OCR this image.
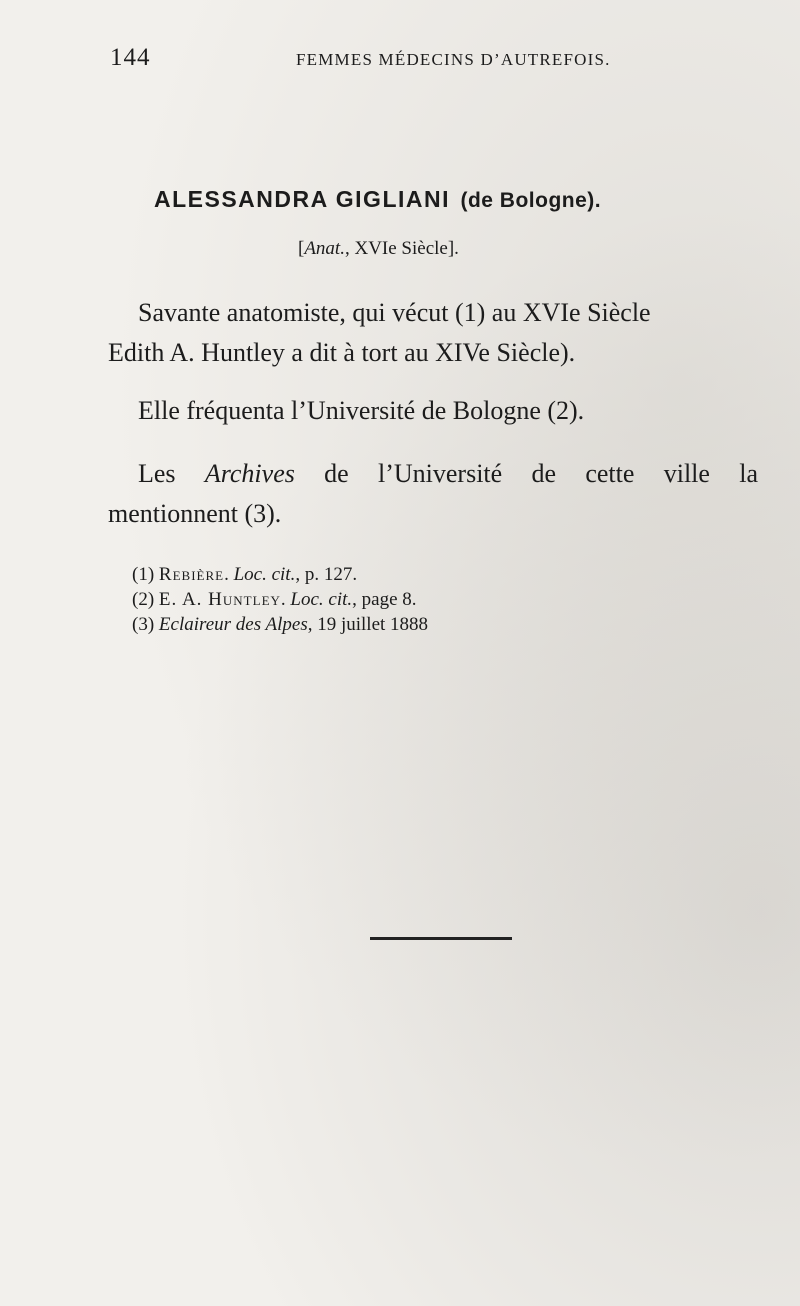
144	FEMMES MÉDECINS D’AUTREFOIS.
ALESSANDRA GIGLIANI (de Bologne).
[Anat., XVIe Siècle].
Savante anatomiste, qui vécut (1) au XVIe Siècle
Edith A. Huntley a dit à tort au XIVe Siècle).
Elle fréquenta l’Université de Bologne (2).
Les Archives de l’Université de cette ville la
mentionnent (3).
(1) Rebière. Loc. cit., p. 127.
(2) E. A. Huntley. Loc. cit., page 8.
(3) Eclaireur des Alpes, 19 juillet 1888
